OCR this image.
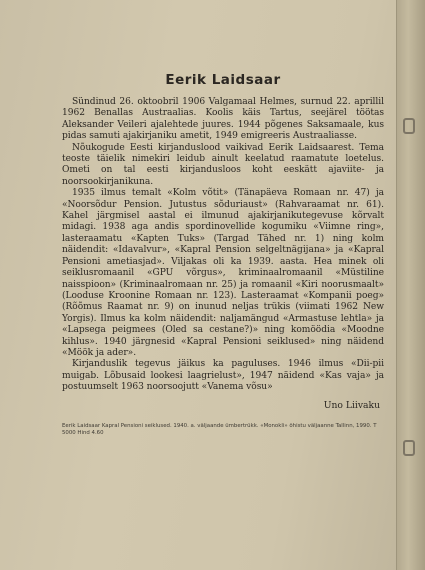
Eerik Laidsaar

Sündinud 26. oktoobril 1906 Valgamaal Helmes, surnud 22. aprillil 1962 Benallas Austraalias. Koolis käis Tartus, seejärel töötas Aleksander Veileri ajalehtede juures. 1944 põgenes Saksamaale, kus pidas samuti ajakirjaniku ametit, 1949 emigreeris Austraaliasse.

Nõukogude Eesti kirjanduslood vaikivad Eerik Laidsaarest. Tema teoste täielik nimekiri leidub ainult keelatud raamatute loetelus. Ometi on tal eesti kirjanduslоos koht eeskätt ajaviite- ja noorsookirjanikuna.

1935 ilmus temalt «Kolm võtit» (Tänapäeva Romaan nr. 47) ja «Noorsõdur Pension. Jutustus sõduriaust» (Rahvaraamat nr. 61). Kahel järgmisel aastal ei ilmunud ajakirjanikutegevuse kõrvalt midagi. 1938 aga andis spordinovellide kogumiku «Viimne ring», lasteraamatu «Kapten Tuks» (Targad Tähed nr. 1) ning kolm näidendit: «Idavalvur», «Kapral Pension selgeltnägijana» ja «Kapral Pensioni ametiasjad». Viljakas oli ka 1939. aasta. Hea minek oli seiklusromaanil «GPU võrgus», kriminaalromaanil «Müstiline naisspioon» (Kriminaalromaan nr. 25) ja romaanil «Kiri noorusmaalt» (Looduse Kroonine Romaan nr. 123). Lasteraamat «Kompanii poeg» (Rõõmus Raamat nr. 9) on inunud neljas trükis (viimati 1962 New Yorgis). Ilmus ka kolm näidendit: naljamängud «Armastuse lehtla» ja «Lapsega peigmees (Oled sa cestane?)» ning komöödia «Moodne kihlus». 1940 järgnesid «Kapral Pensioni seiklused» ning näidend «Möök ja ader».

Kirjanduslik tegevus jäikus ka paguluses. 1946 ilmus «Dii-pii muigab. Lõbusaid lookesi laagrielust», 1947 näidend «Kas vaja» ja postuumselt 1963 noorsoojutt «Vanema võsu»

Uno Liivaku
Eerik Laidsaar Kapral Pensioni seiklused. 1940. a. väljaande ümbertrükk. «Monokli» õhistu väljaanne Tallinn, 1990. T 5000 Hind 4.60
